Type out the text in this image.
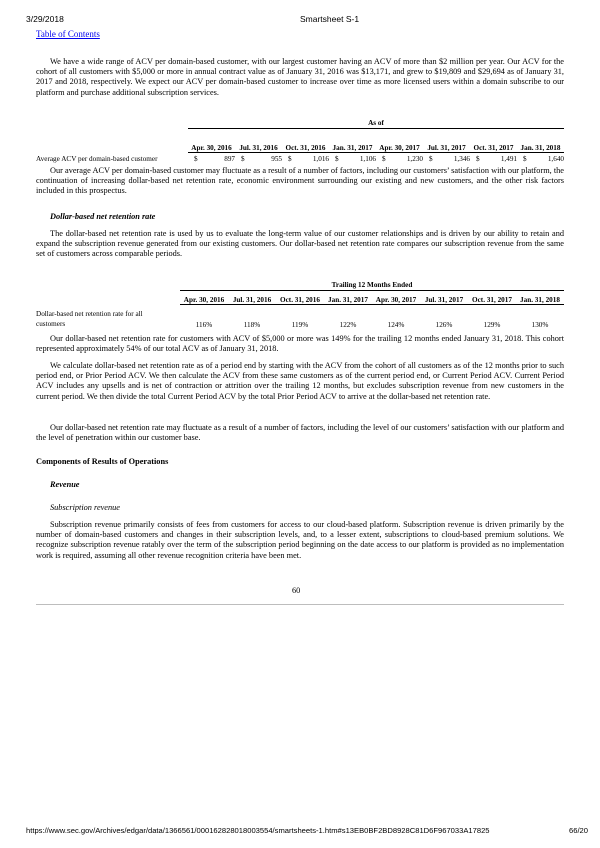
3/29/2018	Smartsheet S-1
Table of Contents

We have a wide range of ACV per domain-based customer, with our largest customer having an ACV of more than $2 million per year. Our ACV for the cohort of all customers with $5,000 or more in annual contract value as of January 31, 2016 was $13,171, and grew to $19,809 and $29,694 as of January 31, 2017 and 2018, respectively. We expect our ACV per domain-based customer to increase over time as more licensed users within a domain subscribe to our platform and purchase additional subscription services.

	As of															
	Apr. 30, 2016		Jul. 31, 2016		Oct. 31, 2016		Jan. 31, 2017		Apr. 30, 2017		Jul. 31, 2017		Oct. 31, 2017		Jan. 31, 2018	
Average ACV per domain-based customer	$	897	$	955	$	1,016	$	1,106	$	1,230	$	1,346	$	1,491	$	1,640

Our average ACV per domain-based customer may fluctuate as a result of a number of factors, including our customers’ satisfaction with our platform, the continuation of increasing dollar-based net retention rate, economic environment surrounding our existing and new customers, and the other risk factors included in this prospectus.

Dollar-based net retention rate

The dollar-based net retention rate is used by us to evaluate the long-term value of our customer relationships and is driven by our ability to retain and expand the subscription revenue generated from our existing customers. Our dollar-based net retention rate compares our subscription revenue from the same set of customers across comparable periods.

	Trailing 12 Months Ended							
	Apr. 30, 2016	Jul. 31, 2016	Oct. 31, 2016	Jan. 31, 2017	Apr. 30, 2017	Jul. 31, 2017	Oct. 31, 2017	Jan. 31, 2018

Dollar-based net retention rate for all
customers	116%	118%	119%	122%	124%	126%	129%	130%

Our dollar-based net retention rate for customers with ACV of $5,000 or more was 149% for the trailing 12 months ended January 31, 2018. This cohort represented approximately 54% of our total ACV as of January 31, 2018.

We calculate dollar-based net retention rate as of a period end by starting with the ACV from the cohort of all customers as of the 12 months prior to such period end, or Prior Period ACV. We then calculate the ACV from these same customers as of the current period end, or Current Period ACV. Current Period ACV includes any upsells and is net of contraction or attrition over the trailing 12 months, but excludes subscription revenue from new customers in the current period. We then divide the total Current Period ACV by the total Prior Period ACV to arrive at the dollar-based net retention rate.

Our dollar-based net retention rate may fluctuate as a result of a number of factors, including the level of our customers’ satisfaction with our platform and the level of penetration within our customer base.

Components of Results of Operations
Revenue
Subscription revenue

Subscription revenue primarily consists of fees from customers for access to our cloud-based platform. Subscription revenue is driven primarily by the number of domain-based customers and changes in their subscription levels, and, to a lesser extent, subscriptions to cloud-based premium solutions. We recognize subscription revenue ratably over the term of the subscription period beginning on the date access to our platform is provided as no implementation work is required, assuming all other revenue recognition criteria have been met.

60
https://www.sec.gov/Archives/edgar/data/1366561/000162828018003554/smartsheets-1.htm#s13EB0BF2BD8928C81D6F967033A17825	66/20
